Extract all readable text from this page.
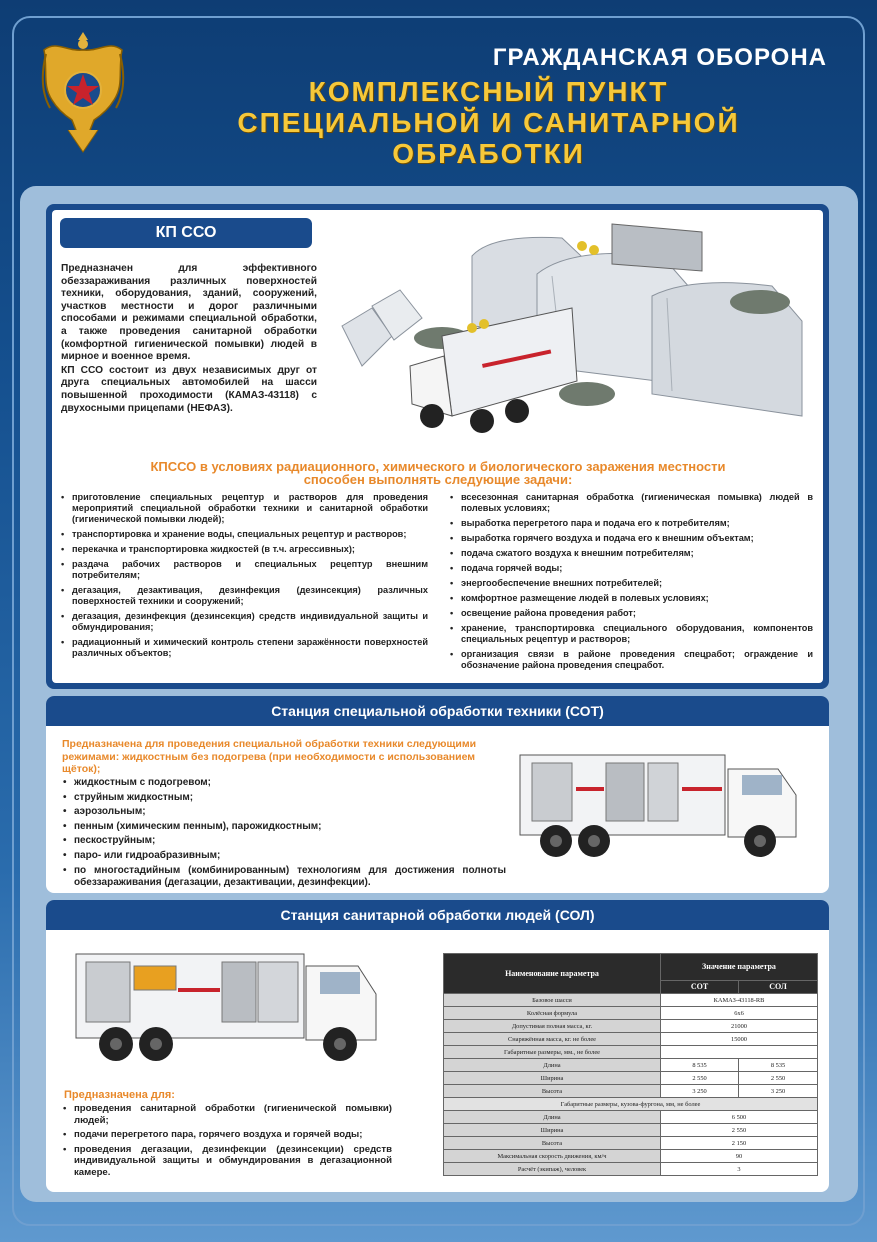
ГРАЖДАНСКАЯ ОБОРОНА
КОМПЛЕКСНЫЙ ПУНКТ
СПЕЦИАЛЬНОЙ И САНИТАРНОЙ ОБРАБОТКИ
КП ССО

Предназначен для эффективного обеззараживания различных поверхностей техники, оборудования, зданий, сооружений, участков местности и дорог различными способами и режимами специальной обработки, а также проведения санитарной обработки (комфортной гигиенической помывки) людей в мирное и военное время.

КП ССО состоит из двух независимых друг от друга специальных автомобилей на шасси повышенной проходимости (КАМАЗ-43118) с двухосными прицепами (НЕФАЗ).

КПССО в условиях радиационного, химического и биологического заражения местности
способен выполнять следующие задачи:
• приготовление специальных рецептур и растворов для проведения мероприятий специальной обработки техники и санитарной обработки (гигиенической помывки людей);
• транспортировка и хранение воды, специальных рецептур и растворов;
• перекачка и транспортировка жидкостей (в т.ч. агрессивных);
• раздача рабочих растворов и специальных рецептур внешним потребителям;
• дегазация, дезактивация, дезинфекция (дезинсекция) различных поверхностей техники и сооружений;
• дегазация, дезинфекция (дезинсекция) средств индивидуальной защиты и обмундирования;
• радиационный и химический контроль степени заражённости поверхностей различных объектов;
• всесезонная санитарная обработка (гигиеническая помывка) людей в полевых условиях;
• выработка перегретого пара и подача его к потребителям;
• выработка горячего воздуха и подача его к внешним объектам;
• подача сжатого воздуха к внешним потребителям;
• подача горячей воды;
• энергообеспечение внешних потребителей;
• комфортное размещение людей в полевых условиях;
• освещение района проведения работ;
• хранение, транспортировка специального оборудования, компонентов специальных рецептур и растворов;
• организация связи в районе проведения спецработ; ограждение и обозначение района проведения спецработ.
Станция специальной обработки техники (СОТ)
Предназначена для проведения специальной обработки техники следующими режимами: жидкостным без подогрева (при необходимости с использованием щёток);
• жидкостным с подогревом;
• струйным жидкостным;
• аэрозольным;
• пенным (химическим пенным), парожидкостным;
• пескоструйным;
• паро- или гидроабразивным;
• по многостадийным (комбинированным) технологиям для достижения полноты обеззараживания (дегазации, дезактивации, дезинфекции).
Станция санитарной обработки людей (СОЛ)
Предназначена для:
• проведения санитарной обработки (гигиенической помывки) людей;
• подачи перегретого пара, горячего воздуха и горячей воды;
• проведения дегазации, дезинфекции (дезинсекции) средств индивидуальной защиты и обмундирования в дегазационной камере.
Наименование параметра	Значение параметра	
	СОТ	СОЛ
Базовое шасси	КАМАЗ-43118-RB	
Колёсная формула	6х6	
Допустимая полная масса, кг.	21000	
Снаряжённая масса, кг. не более	15000	
Габаритные размеры, мм., не более		
Длина	8 535	8 535
Ширина	2 550	2 550
Высота	3 250	3 250
Габаритные размеры, кузова-фургона, мм, не более		
Длина	6 500	
Ширина	2 550	
Высота	2 150	
Максимальная скорость движения, км/ч	90	
Расчёт (экипаж), человек	3	
